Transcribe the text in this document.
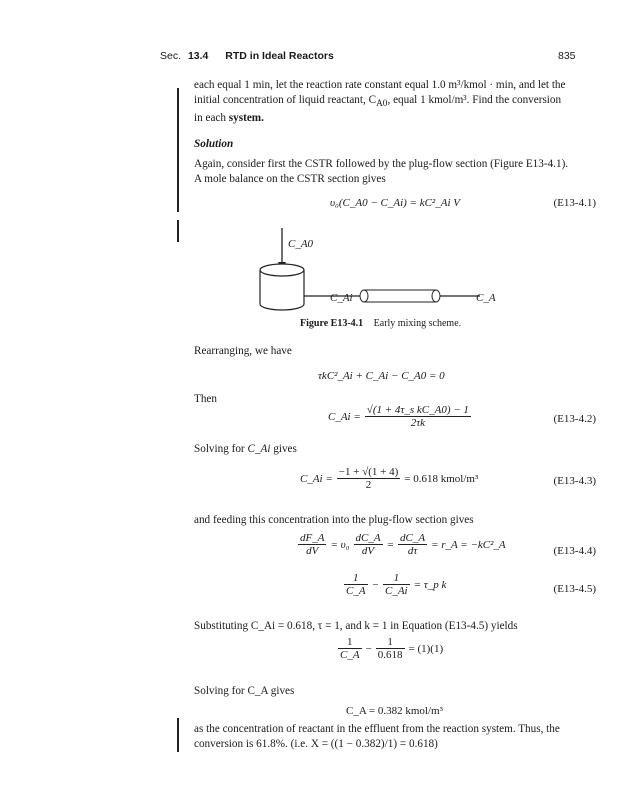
Sec. 13.4 RTD in Ideal Reactors	835
each equal 1 min, let the reaction rate constant equal 1.0 m³/kmol · min, and let the
initial concentration of liquid reactant, $C_{A0}$, equal 1 kmol/m³. Find the conversion
in each system.
Solution
Again, consider first the CSTR followed by the plug-flow section (Figure E13-4.1).
A mole balance on the CSTR section gives
υ₀(C_A0 − C_Ai) = kC²_Ai V	(E13-4.1)
C_A0
C_Ai	C_A
Figure E13-4.1 Early mixing scheme.
Rearranging, we have
τkC²_Ai + C_Ai − C_A0 = 0
Then
C_Ai = $\frac{\text{√(1 + 4τ\_s kC\_A0) − 1}}{2\tau k}$	(E13-4.2)
Solving for C_Ai gives
C_Ai = $\frac{-1 + √(1 + 4)}{2} = 0.618$ kmol/m³	(E13-4.3)
and feeding this concentration into the plug-flow section gives
$\frac{dF\_A}{dV} = \upsilon_0 \frac{dC\_A}{dV} = \frac{dC\_A}{d\tau}$ = r_A = −kC²_A
(E13-4.4)
$\frac{1}{C\_A} - \frac{1}{C\_Ai}$ = τ_p k	(E13-4.5)
Substituting C_Ai = 0.618, τ = 1, and k = 1 in Equation (E13-4.5) yields
$\frac{1}{C\_A} - \frac{1}{0.618} = (1)(1)$
Solving for C_A gives
C_A = 0.382 kmol/m³
as the concentration of reactant in the effluent from the reaction system. Thus, the
conversion is 61.8%. (i.e. X = ((1 − 0.382)/1) = 0.618)
